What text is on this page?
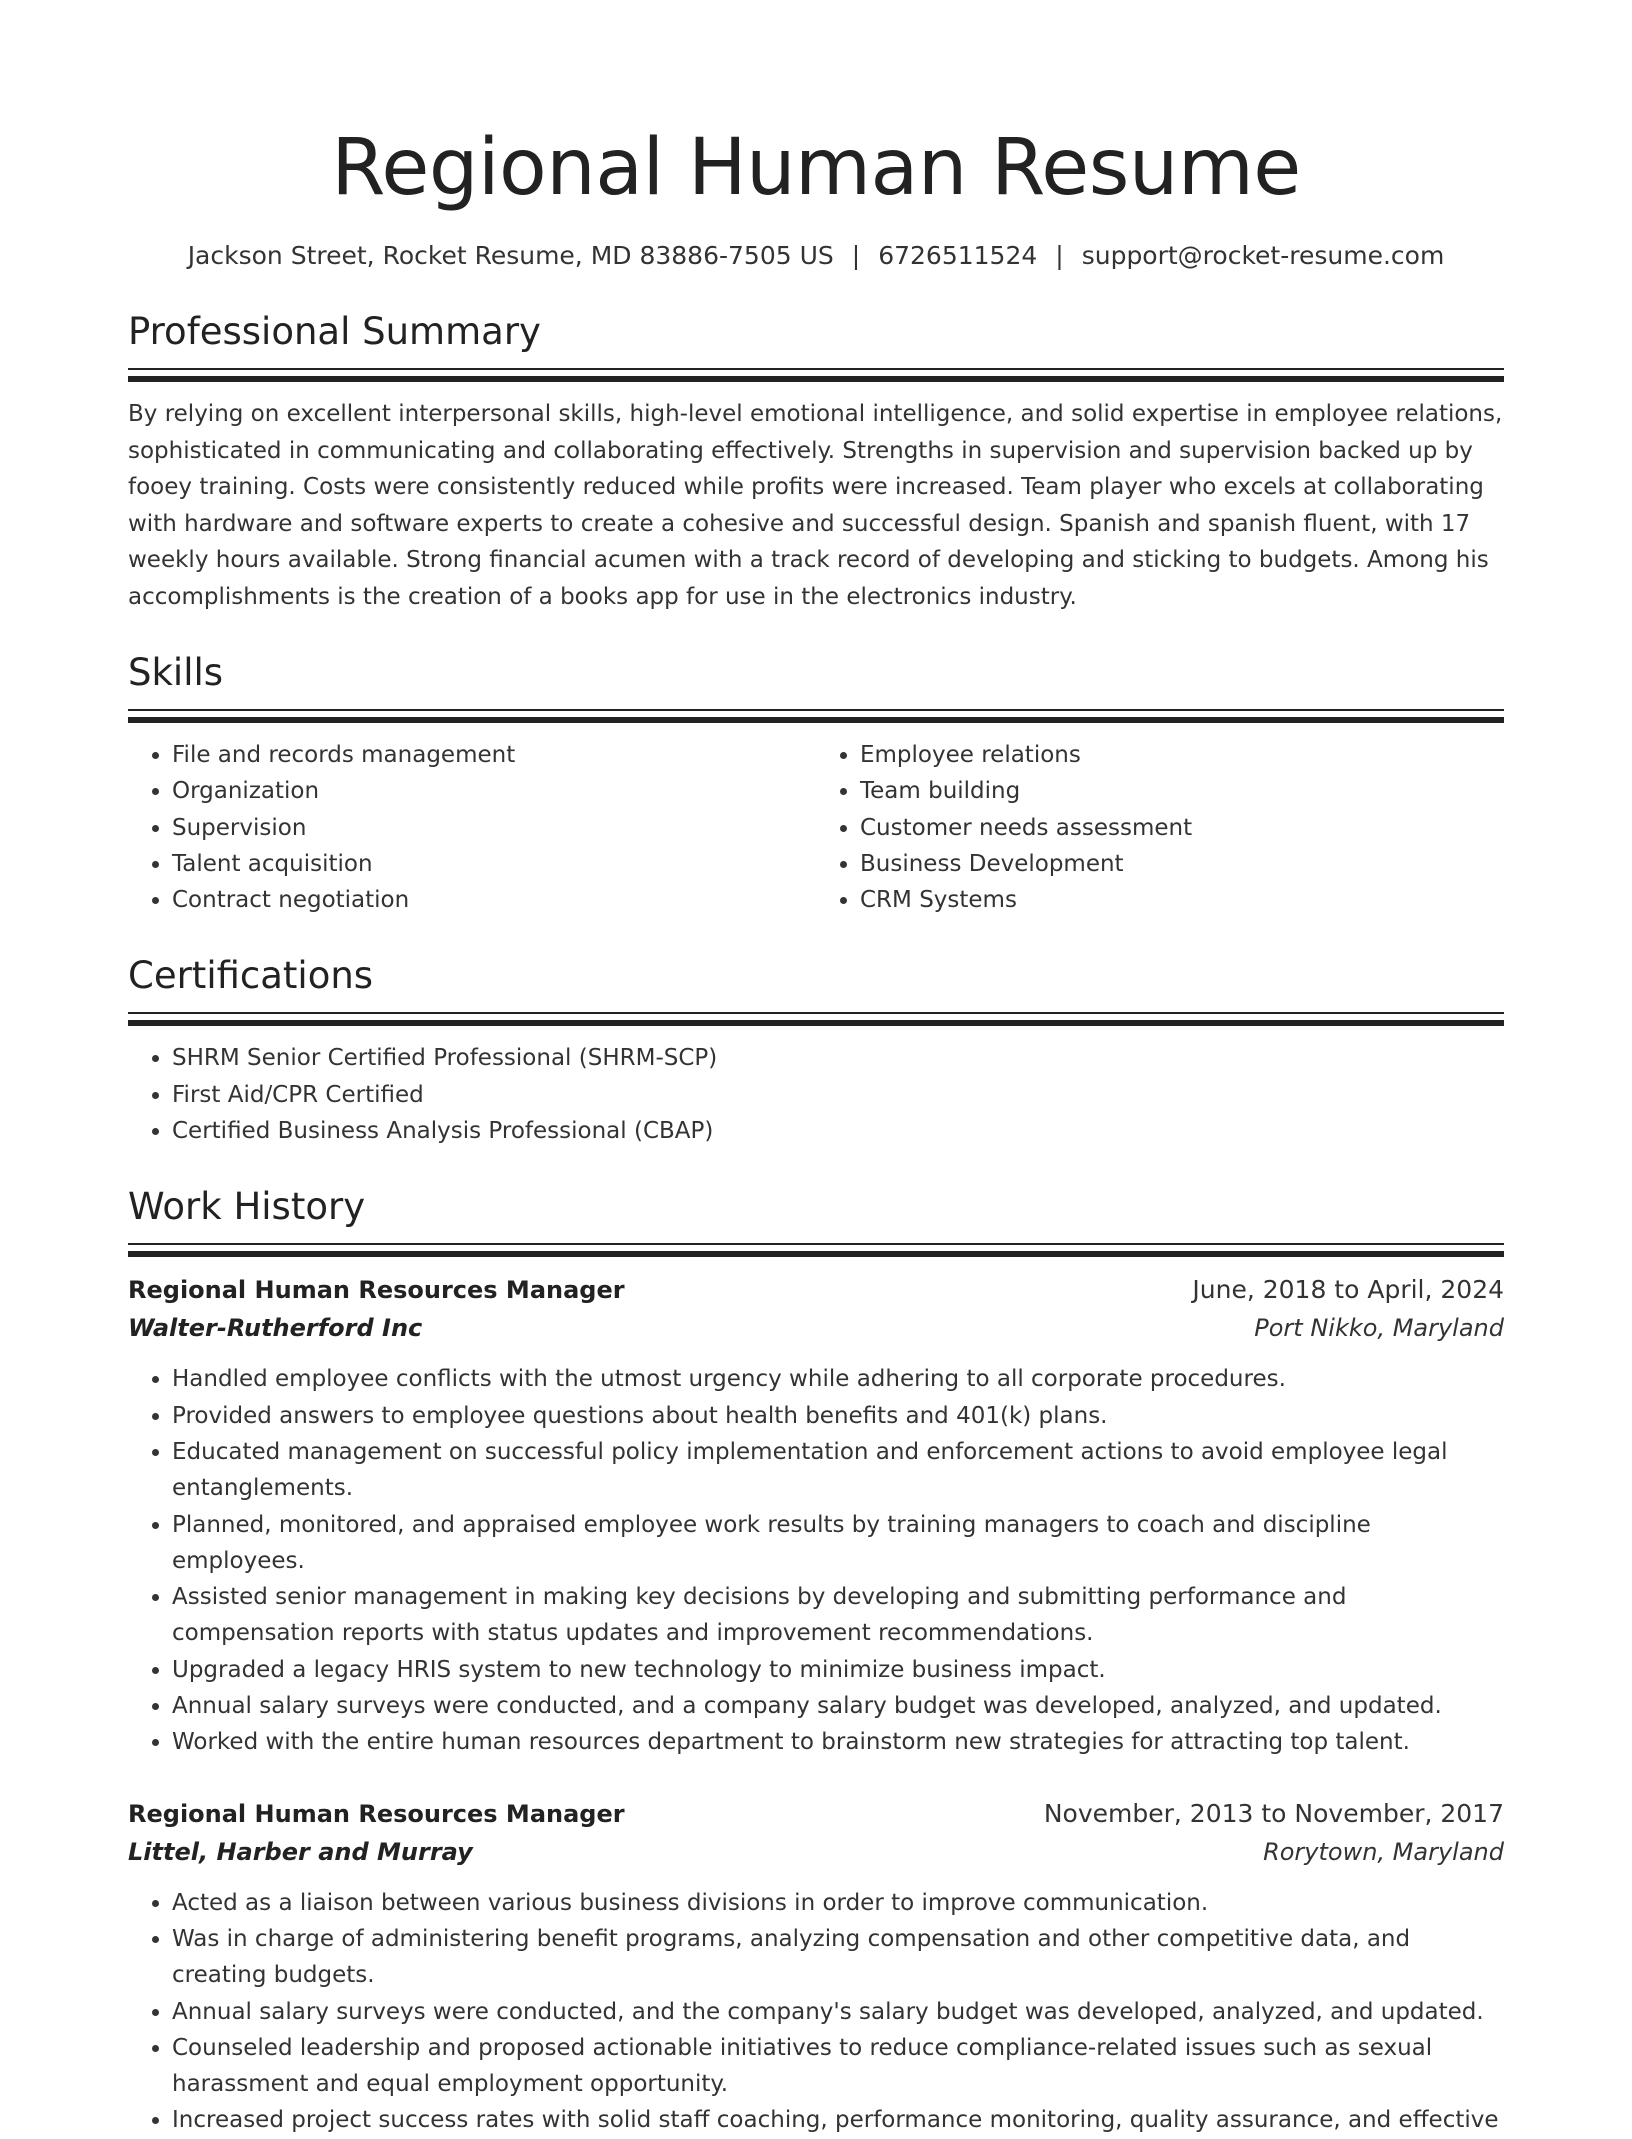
Regional Human Resume
Jackson Street, Rocket Resume, MD 83886-7505 US | 6726511524 | support@rocket-resume.com
Professional Summary

By relying on excellent interpersonal skills, high-level emotional intelligence, and solid expertise in employee relations, sophisticated in communicating and collaborating effectively. Strengths in supervision and supervision backed up by fooey training. Costs were consistently reduced while profits were increased. Team player who excels at collaborating with hardware and software experts to create a cohesive and successful design. Spanish and spanish fluent, with 17 weekly hours available. Strong financial acumen with a track record of developing and sticking to budgets. Among his accomplishments is the creation of a books app for use in the electronics industry.

Skills
• File and records management
• Organization
• Supervision
• Talent acquisition
• Contract negotiation
• Employee relations
• Team building
• Customer needs assessment
• Business Development
• CRM Systems
Certifications
• SHRM Senior Certified Professional (SHRM-SCP)
• First Aid/CPR Certified
• Certified Business Analysis Professional (CBAP)
Work History
Regional Human Resources Manager	June, 2018 to April, 2024
Walter-Rutherford Inc	Port Nikko, Maryland
• Handled employee conflicts with the utmost urgency while adhering to all corporate procedures.
• Provided answers to employee questions about health benefits and 401(k) plans.
• Educated management on successful policy implementation and enforcement actions to avoid employee legal entanglements.
• Planned, monitored, and appraised employee work results by training managers to coach and discipline employees.
• Assisted senior management in making key decisions by developing and submitting performance and compensation reports with status updates and improvement recommendations.
• Upgraded a legacy HRIS system to new technology to minimize business impact.
• Annual salary surveys were conducted, and a company salary budget was developed, analyzed, and updated.
• Worked with the entire human resources department to brainstorm new strategies for attracting top talent.
Regional Human Resources Manager	November, 2013 to November, 2017
Littel, Harber and Murray	Rorytown, Maryland
• Acted as a liaison between various business divisions in order to improve communication.
• Was in charge of administering benefit programs, analyzing compensation and other competitive data, and creating budgets.
• Annual salary surveys were conducted, and the company's salary budget was developed, analyzed, and updated.
• Counseled leadership and proposed actionable initiatives to reduce compliance-related issues such as sexual harassment and equal employment opportunity.
• Increased project success rates with solid staff coaching, performance monitoring, quality assurance, and effective
